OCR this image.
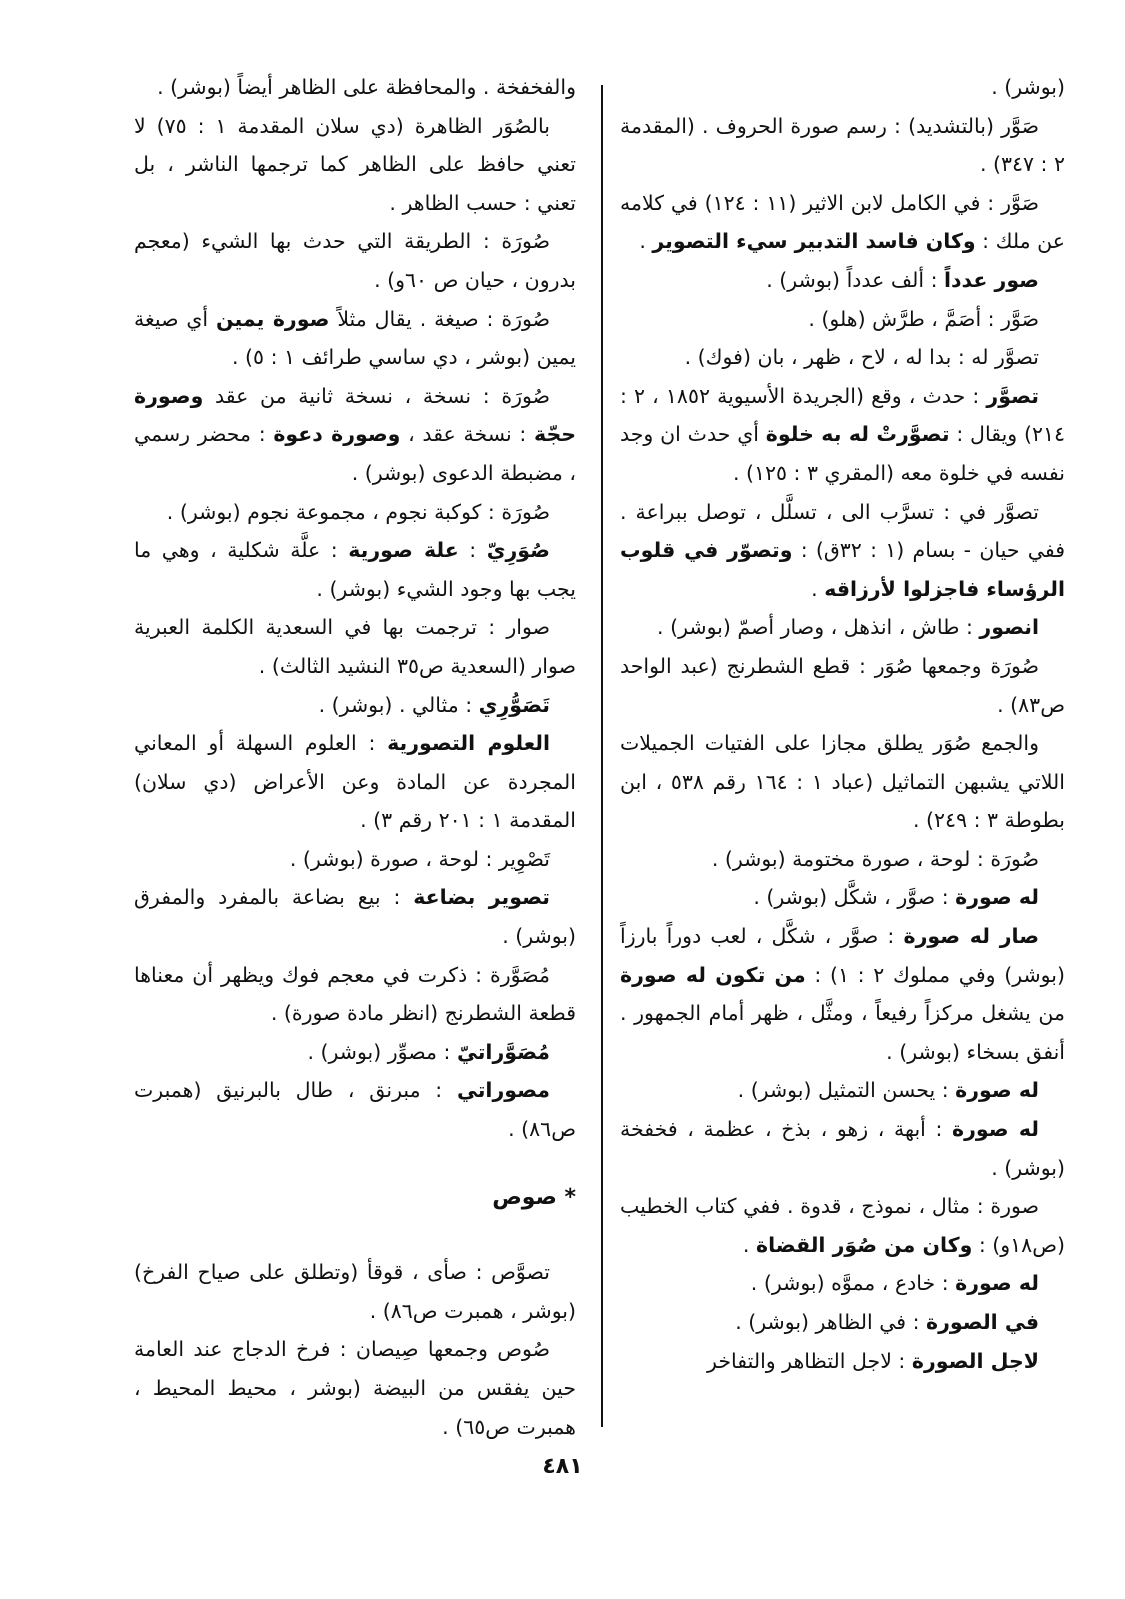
(بوشر) .

صَوَّر (بالتشديد) : رسم صورة الحروف . (المقدمة ٢ : ٣٤٧) .

صَوَّر : في الكامل لابن الاثير (١١ : ١٢٤) في كلامه عن ملك : وكان فاسد التدبير سيء التصوير .

صور عدداً : ألف عدداً (بوشر) .

صَوَّر : أصَمَّ ، طرَّش (هلو) .

تصوَّر له : بدا له ، لاح ، ظهر ، بان (فوك) .

تصوَّر : حدث ، وقع (الجريدة الأسيوية ١٨٥٢ ، ٢ : ٢١٤) ويقال : تصوَّرتْ له به خلوة أي حدث ان وجد نفسه في خلوة معه (المقري ٣ : ١٢٥) .

تصوَّر في : تسرَّب الى ، تسلَّل ، توصل ببراعة . ففي حيان - بسام (١ : ٣٢ق) : وتصوّر في قلوب الرؤساء فاجزلوا لأرزاقه .

انصور : طاش ، انذهل ، وصار أصمّ (بوشر) .

صُورَة وجمعها صُوَر : قطع الشطرنج (عبد الواحد ص٨٣) .

والجمع صُوَر يطلق مجازا على الفتيات الجميلات اللاتي يشبهن التماثيل (عباد ١ : ١٦٤ رقم ٥٣٨ ، ابن بطوطة ٣ : ٢٤٩) .

صُورَة : لوحة ، صورة مختومة (بوشر) .

له صورة : صوَّر ، شكَّل (بوشر) .

صار له صورة : صوَّر ، شكَّل ، لعب دوراً بارزاً (بوشر) وفي مملوك ٢ : ١) : من تكون له صورة من يشغل مركزاً رفيعاً ، ومثَّل ، ظهر أمام الجمهور . أنفق بسخاء (بوشر) .

له صورة : يحسن التمثيل (بوشر) .

له صورة : أبهة ، زهو ، بذخ ، عظمة ، فخفخة (بوشر) .

صورة : مثال ، نموذج ، قدوة . ففي كتاب الخطيب (ص١٨و) : وكان من صُوَر القضاة .

له صورة : خادع ، مموَّه (بوشر) .

في الصورة : في الظاهر (بوشر) .

لاجل الصورة : لاجل التظاهر والتفاخر

والفخفخة . والمحافظة على الظاهر أيضاً (بوشر) .

بالصُوَر الظاهرة (دي سلان المقدمة ١ : ٧٥) لا تعني حافظ على الظاهر كما ترجمها الناشر ، بل تعني : حسب الظاهر .

صُورَة : الطريقة التي حدث بها الشيء (معجم بدرون ، حيان ص ٦٠و) .

صُورَة : صيغة . يقال مثلاً صورة يمين أي صيغة يمين (بوشر ، دي ساسي طرائف ١ : ٥) .

صُورَة : نسخة ، نسخة ثانية من عقد وصورة حجّة : نسخة عقد ، وصورة دعوة : محضر رسمي ، مضبطة الدعوى (بوشر) .

صُورَة : كوكبة نجوم ، مجموعة نجوم (بوشر) .

صُوَرِيّ : علة صورية : علَّة شكلية ، وهي ما يجب بها وجود الشيء (بوشر) .

صوار : ترجمت بها في السعدية الكلمة العبرية صوار (السعدية ص٣٥ النشيد الثالث) .

تَصَوُّرِي : مثالي . (بوشر) .

العلوم التصورية : العلوم السهلة أو المعاني المجردة عن المادة وعن الأعراض (دي سلان) المقدمة ١ : ٢٠١ رقم ٣) .

تَصْوِير : لوحة ، صورة (بوشر) .

تصوير بضاعة : بيع بضاعة بالمفرد والمفرق (بوشر) .

مُصَوَّرة : ذكرت في معجم فوك ويظهر أن معناها قطعة الشطرنج (انظر مادة صورة) .

مُصَوَّراتيّ : مصوِّر (بوشر) .

مصوراتي : مبرنق ، طال بالبرنيق (همبرت ص٨٦) .

* صوص

تصوَّص : صأى ، قوقأ (وتطلق على صياح الفرخ) (بوشر ، همبرت ص٨٦) .

صُوص وجمعها صِيصان : فرخ الدجاج عند العامة حين يفقس من البيضة (بوشر ، محيط المحيط ، همبرت ص٦٥) .

٤٨١
